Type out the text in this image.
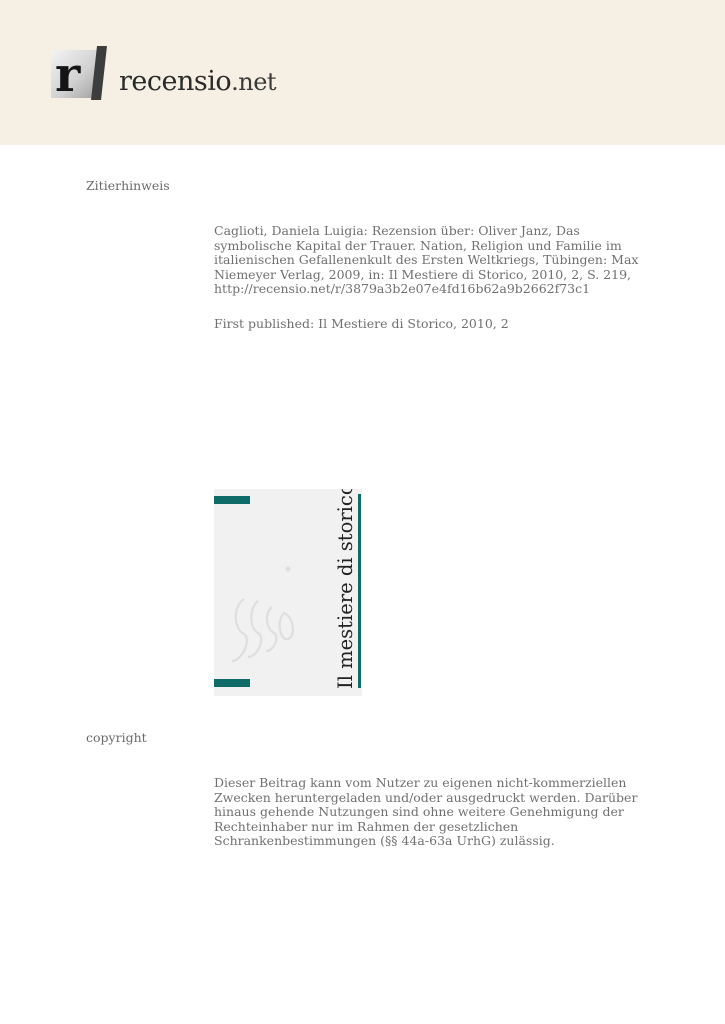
r recensio.net
Zitierhinweis

Caglioti, Daniela Luigia: Rezension über: Oliver Janz, Das

symbolische Kapital der Trauer. Nation, Religion und Familie im

italienischen Gefallenenkult des Ersten Weltkriegs, Tübingen: Max

Niemeyer Verlag, 2009, in: Il Mestiere di Storico, 2010, 2, S. 219,

http://recensio.net/r/3879a3b2e07e4fd16b62a9b2662f73c1

First published: Il Mestiere di Storico, 2010, 2
Il mestiere di storico
copyright
Dieser Beitrag kann vom Nutzer zu eigenen nicht-kommerziellen
Zwecken heruntergeladen und/oder ausgedruckt werden. Darüber
hinaus gehende Nutzungen sind ohne weitere Genehmigung der
Rechteinhaber nur im Rahmen der gesetzlichen
Schrankenbestimmungen (§§ 44a-63a UrhG) zulässig.
